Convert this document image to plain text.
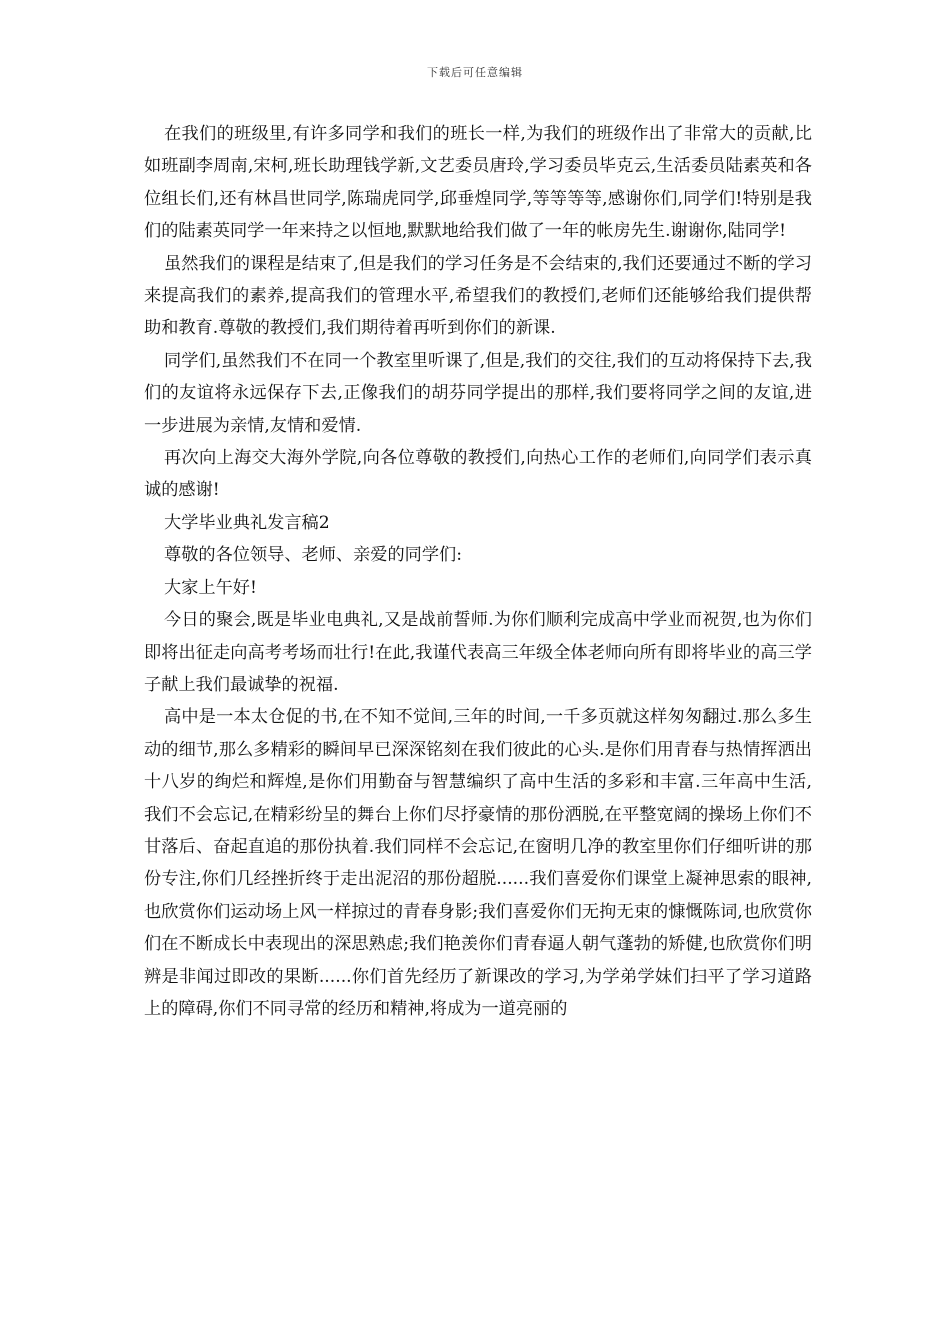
下载后可任意编辑

在我们的班级里,有许多同学和我们的班长一样,为我们的班级作出了非常大的贡献,比如班副李周南,宋柯,班长助理钱学新,文艺委员唐玲,学习委员毕克云,生活委员陆素英和各位组长们,还有林昌世同学,陈瑞虎同学,邱垂煌同学,等等等等,感谢你们,同学们!特别是我们的陆素英同学一年来持之以恒地,默默地给我们做了一年的帐房先生.谢谢你,陆同学!

虽然我们的课程是结束了,但是我们的学习任务是不会结束的,我们还要通过不断的学习来提高我们的素养,提高我们的管理水平,希望我们的教授们,老师们还能够给我们提供帮助和教育.尊敬的教授们,我们期待着再听到你们的新课.

同学们,虽然我们不在同一个教室里听课了,但是,我们的交往,我们的互动将保持下去,我们的友谊将永远保存下去,正像我们的胡芬同学提出的那样,我们要将同学之间的友谊,进一步进展为亲情,友情和爱情.

再次向上海交大海外学院,向各位尊敬的教授们,向热心工作的老师们,向同学们表示真诚的感谢!

大学毕业典礼发言稿2

尊敬的各位领导、老师、亲爱的同学们:

大家上午好!

今日的聚会,既是毕业电典礼,又是战前誓师.为你们顺利完成高中学业而祝贺,也为你们即将出征走向高考考场而壮行!在此,我谨代表高三年级全体老师向所有即将毕业的高三学子献上我们最诚挚的祝福.

高中是一本太仓促的书,在不知不觉间,三年的时间,一千多页就这样匆匆翻过.那么多生动的细节,那么多精彩的瞬间早已深深铭刻在我们彼此的心头.是你们用青春与热情挥洒出十八岁的绚烂和辉煌,是你们用勤奋与智慧编织了高中生活的多彩和丰富.三年高中生活,我们不会忘记,在精彩纷呈的舞台上你们尽抒豪情的那份洒脱,在平整宽阔的操场上你们不甘落后、奋起直追的那份执着.我们同样不会忘记,在窗明几净的教室里你们仔细听讲的那份专注,你们几经挫折终于走出泥沼的那份超脱......我们喜爱你们课堂上凝神思索的眼神,也欣赏你们运动场上风一样掠过的青春身影;我们喜爱你们无拘无束的慷慨陈词,也欣赏你们在不断成长中表现出的深思熟虑;我们艳羡你们青春逼人朝气蓬勃的矫健,也欣赏你们明辨是非闻过即改的果断......你们首先经历了新课改的学习,为学弟学妹们扫平了学习道路上的障碍,你们不同寻常的经历和精神,将成为一道亮丽的
